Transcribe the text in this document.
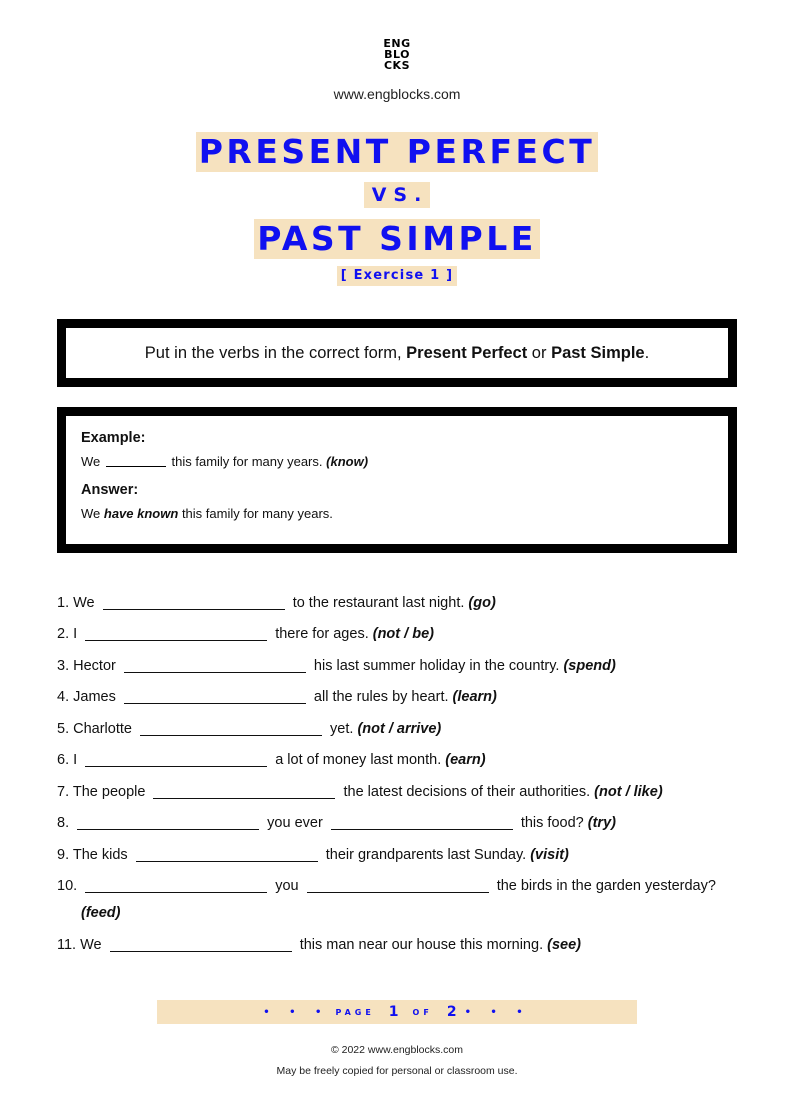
ENG
BLO
CKS
www.engblocks.com
PRESENT PERFECT
VS.
PAST SIMPLE
[ Exercise 1 ]
Put in the verbs in the correct form, Present Perfect or Past Simple.

Example:

We	this family for many years. (know)

Answer:

We have known this family for many years.

1. We	to the restaurant last night. (go)

2. I	there for ages. (not / be)

3. Hector	his last summer holiday in the country. (spend)

4. James	all the rules by heart. (learn)

5. Charlotte	yet. (not / arrive)

6. I	a lot of money last month. (earn)

7. The people	the latest decisions of their authorities. (not / like)

8.	you ever	this food? (try)

9. The kids	their grandparents last Sunday. (visit)

10.	you	the birds in the garden yesterday?

(feed)

11. We	this man near our house this morning. (see)

• • • PAGE 1 OF 2 • • •
© 2022 www.engblocks.com
May be freely copied for personal or classroom use.
